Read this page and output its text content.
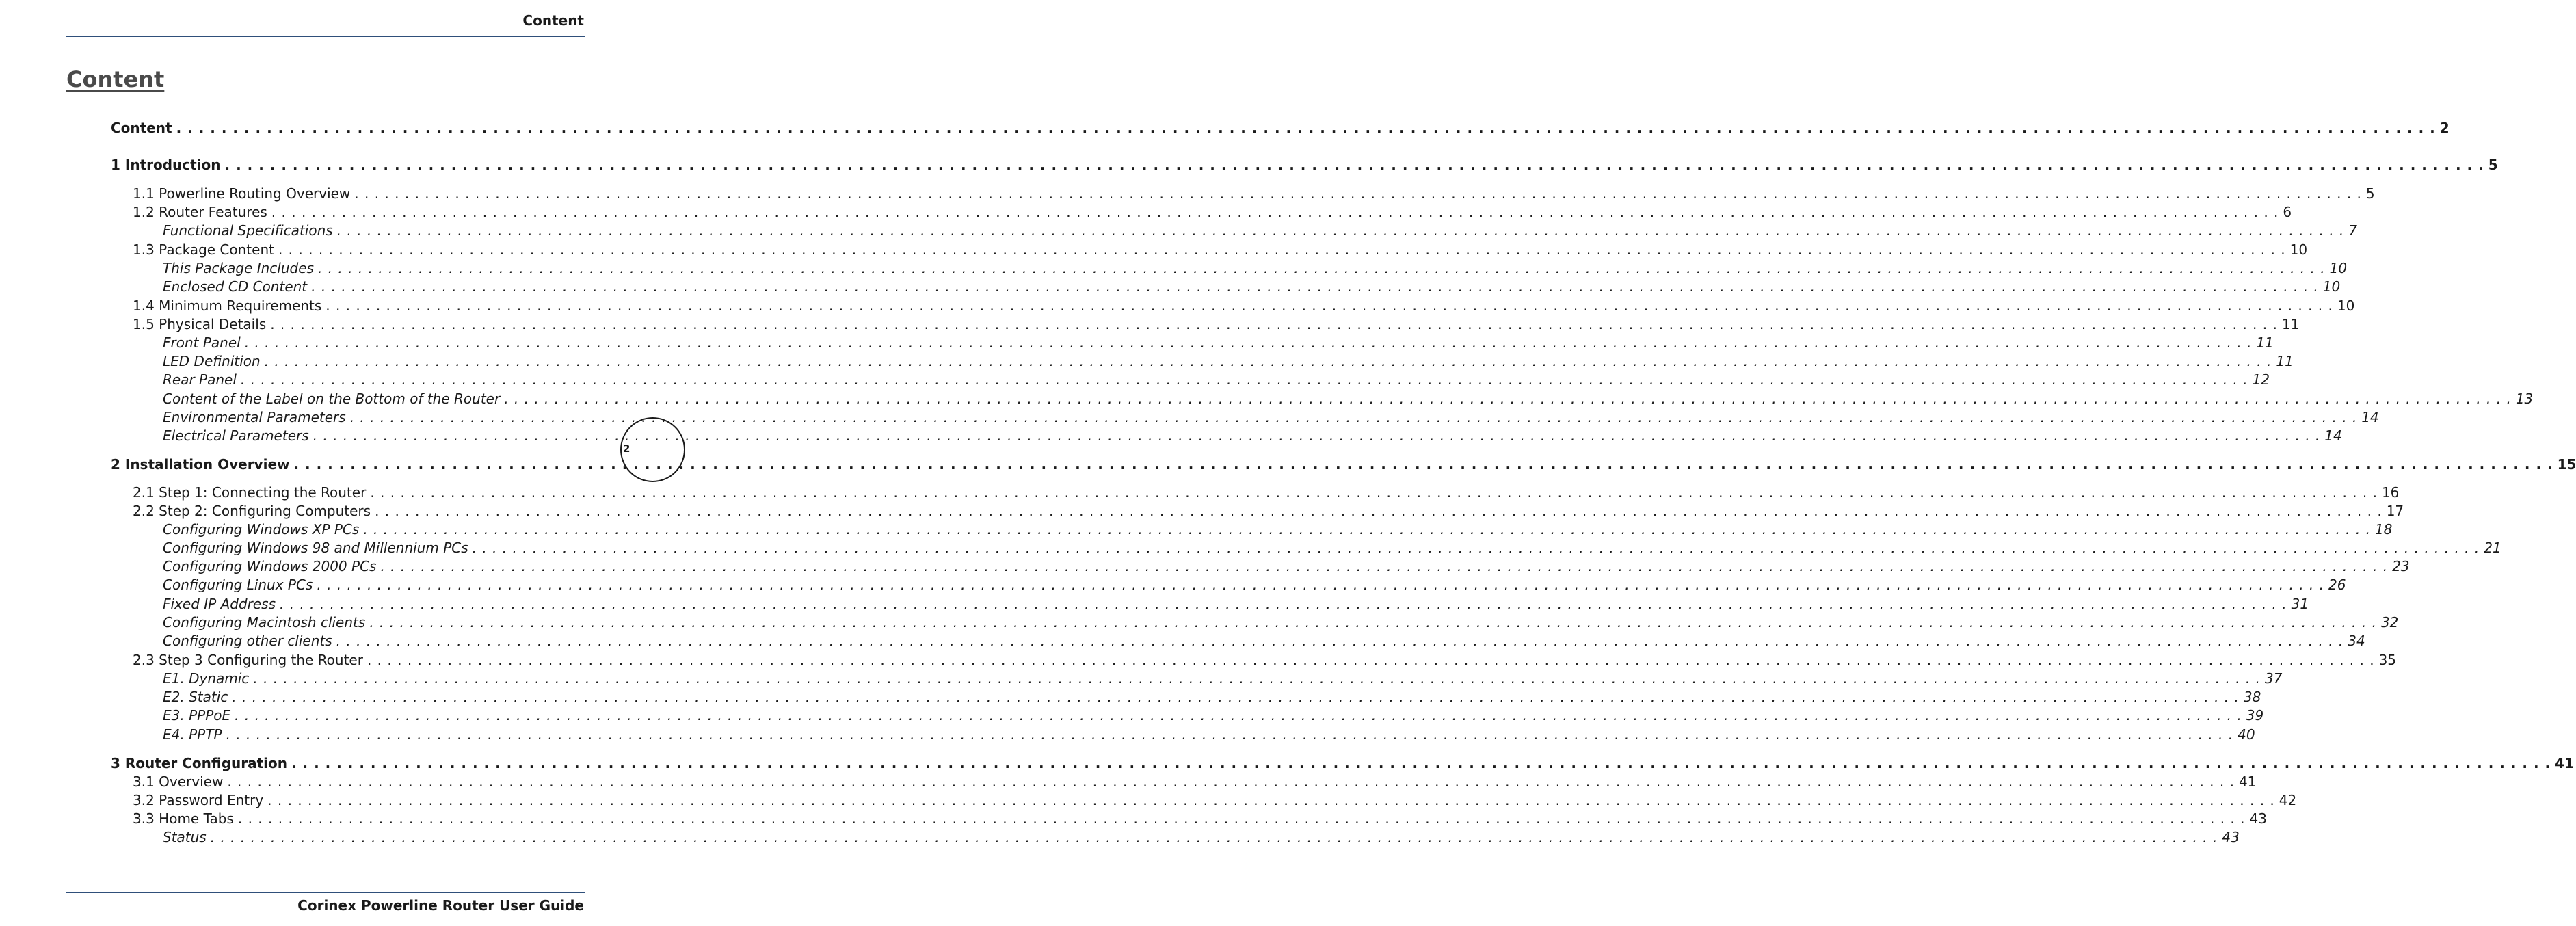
Content
Content
Content . . . . . . . . . . . . . . . . . . . . . . . . . . . . . . . . . . . . . . . . . . . . . . . . . . . . . . . . . . . . . . . . . . . . . . . . . . . . . . . . . . . . . . . . . . . . . . . . . . . . . . . . . . . . . . . . . . . . . . . . . . . . . . . . . . . . . . . . . . . . . . . . . . . . . . . . . . . . . . . . . . . . . . . . . . . . . . . . . . . . . . . . . . . . . . . . . . . . . . . . 2
1 Introduction . . . . . . . . . . . . . . . . . . . . . . . . . . . . . . . . . . . . . . . . . . . . . . . . . . . . . . . . . . . . . . . . . . . . . . . . . . . . . . . . . . . . . . . . . . . . . . . . . . . . . . . . . . . . . . . . . . . . . . . . . . . . . . . . . . . . . . . . . . . . . . . . . . . . . . . . . . . . . . . . . . . . . . . . . . . . . . . . . . . . . . . . . . . . . . . . . . . . . . . . 5
1.1 Powerline Routing Overview . . . . . . . . . . . . . . . . . . . . . . . . . . . . . . . . . . . . . . . . . . . . . . . . . . . . . . . . . . . . . . . . . . . . . . . . . . . . . . . . . . . . . . . . . . . . . . . . . . . . . . . . . . . . . . . . . . . . . . . . . . . . . . . . . . . . . . . . . . . . . . . . . . . . . . . . . . . . . . . . . . . . . . . . . . . . . . . . . . . . . . . . . . . . . . . . . . . . . . . . 5
1.2 Router Features . . . . . . . . . . . . . . . . . . . . . . . . . . . . . . . . . . . . . . . . . . . . . . . . . . . . . . . . . . . . . . . . . . . . . . . . . . . . . . . . . . . . . . . . . . . . . . . . . . . . . . . . . . . . . . . . . . . . . . . . . . . . . . . . . . . . . . . . . . . . . . . . . . . . . . . . . . . . . . . . . . . . . . . . . . . . . . . . . . . . . . . . . . . . . . . . . . . . . . . . 6
Functional Specifications . . . . . . . . . . . . . . . . . . . . . . . . . . . . . . . . . . . . . . . . . . . . . . . . . . . . . . . . . . . . . . . . . . . . . . . . . . . . . . . . . . . . . . . . . . . . . . . . . . . . . . . . . . . . . . . . . . . . . . . . . . . . . . . . . . . . . . . . . . . . . . . . . . . . . . . . . . . . . . . . . . . . . . . . . . . . . . . . . . . . . . . . . . . . . . . . . . . . . . . . 7
1.3 Package Content . . . . . . . . . . . . . . . . . . . . . . . . . . . . . . . . . . . . . . . . . . . . . . . . . . . . . . . . . . . . . . . . . . . . . . . . . . . . . . . . . . . . . . . . . . . . . . . . . . . . . . . . . . . . . . . . . . . . . . . . . . . . . . . . . . . . . . . . . . . . . . . . . . . . . . . . . . . . . . . . . . . . . . . . . . . . . . . . . . . . . . . . . . . . . . . . . . . . . . . . 10
This Package Includes . . . . . . . . . . . . . . . . . . . . . . . . . . . . . . . . . . . . . . . . . . . . . . . . . . . . . . . . . . . . . . . . . . . . . . . . . . . . . . . . . . . . . . . . . . . . . . . . . . . . . . . . . . . . . . . . . . . . . . . . . . . . . . . . . . . . . . . . . . . . . . . . . . . . . . . . . . . . . . . . . . . . . . . . . . . . . . . . . . . . . . . . . . . . . . . . . . . . . . . . 10
Enclosed CD Content . . . . . . . . . . . . . . . . . . . . . . . . . . . . . . . . . . . . . . . . . . . . . . . . . . . . . . . . . . . . . . . . . . . . . . . . . . . . . . . . . . . . . . . . . . . . . . . . . . . . . . . . . . . . . . . . . . . . . . . . . . . . . . . . . . . . . . . . . . . . . . . . . . . . . . . . . . . . . . . . . . . . . . . . . . . . . . . . . . . . . . . . . . . . . . . . . . . . . . . . 10
1.4 Minimum Requirements . . . . . . . . . . . . . . . . . . . . . . . . . . . . . . . . . . . . . . . . . . . . . . . . . . . . . . . . . . . . . . . . . . . . . . . . . . . . . . . . . . . . . . . . . . . . . . . . . . . . . . . . . . . . . . . . . . . . . . . . . . . . . . . . . . . . . . . . . . . . . . . . . . . . . . . . . . . . . . . . . . . . . . . . . . . . . . . . . . . . . . . . . . . . . . . . . . . . . . . . 10
1.5 Physical Details . . . . . . . . . . . . . . . . . . . . . . . . . . . . . . . . . . . . . . . . . . . . . . . . . . . . . . . . . . . . . . . . . . . . . . . . . . . . . . . . . . . . . . . . . . . . . . . . . . . . . . . . . . . . . . . . . . . . . . . . . . . . . . . . . . . . . . . . . . . . . . . . . . . . . . . . . . . . . . . . . . . . . . . . . . . . . . . . . . . . . . . . . . . . . . . . . . . . . . . . 11
Front Panel . . . . . . . . . . . . . . . . . . . . . . . . . . . . . . . . . . . . . . . . . . . . . . . . . . . . . . . . . . . . . . . . . . . . . . . . . . . . . . . . . . . . . . . . . . . . . . . . . . . . . . . . . . . . . . . . . . . . . . . . . . . . . . . . . . . . . . . . . . . . . . . . . . . . . . . . . . . . . . . . . . . . . . . . . . . . . . . . . . . . . . . . . . . . . . . . . . . . . . . . 11
LED Definition . . . . . . . . . . . . . . . . . . . . . . . . . . . . . . . . . . . . . . . . . . . . . . . . . . . . . . . . . . . . . . . . . . . . . . . . . . . . . . . . . . . . . . . . . . . . . . . . . . . . . . . . . . . . . . . . . . . . . . . . . . . . . . . . . . . . . . . . . . . . . . . . . . . . . . . . . . . . . . . . . . . . . . . . . . . . . . . . . . . . . . . . . . . . . . . . . . . . . . . . 11
Rear Panel . . . . . . . . . . . . . . . . . . . . . . . . . . . . . . . . . . . . . . . . . . . . . . . . . . . . . . . . . . . . . . . . . . . . . . . . . . . . . . . . . . . . . . . . . . . . . . . . . . . . . . . . . . . . . . . . . . . . . . . . . . . . . . . . . . . . . . . . . . . . . . . . . . . . . . . . . . . . . . . . . . . . . . . . . . . . . . . . . . . . . . . . . . . . . . . . . . . . . . . . 12
Content of the Label on the Bottom of the Router . . . . . . . . . . . . . . . . . . . . . . . . . . . . . . . . . . . . . . . . . . . . . . . . . . . . . . . . . . . . . . . . . . . . . . . . . . . . . . . . . . . . . . . . . . . . . . . . . . . . . . . . . . . . . . . . . . . . . . . . . . . . . . . . . . . . . . . . . . . . . . . . . . . . . . . . . . . . . . . . . . . . . . . . . . . . . . . . . . . . . . . . . . . . . . . . . . . . . . . . 13
Environmental Parameters . . . . . . . . . . . . . . . . . . . . . . . . . . . . . . . . . . . . . . . . . . . . . . . . . . . . . . . . . . . . . . . . . . . . . . . . . . . . . . . . . . . . . . . . . . . . . . . . . . . . . . . . . . . . . . . . . . . . . . . . . . . . . . . . . . . . . . . . . . . . . . . . . . . . . . . . . . . . . . . . . . . . . . . . . . . . . . . . . . . . . . . . . . . . . . . . . . . . . . . . 14
Electrical Parameters . . . . . . . . . . . . . . . . . . . . . . . . . . . . . . . . . . . . . . . . . . . . . . . . . . . . . . . . . . . . . . . . . . . . . . . . . . . . . . . . . . . . . . . . . . . . . . . . . . . . . . . . . . . . . . . . . . . . . . . . . . . . . . . . . . . . . . . . . . . . . . . . . . . . . . . . . . . . . . . . . . . . . . . . . . . . . . . . . . . . . . . . . . . . . . . . . . . . . . . . 14
2 Installation Overview . . . . . . . . . . . . . . . . . . . . . . . . . . . . . . . . . . . . . . . . . . . . . . . . . . . . . . . . . . . . . . . . . . . . . . . . . . . . . . . . . . . . . . . . . . . . . . . . . . . . . . . . . . . . . . . . . . . . . . . . . . . . . . . . . . . . . . . . . . . . . . . . . . . . . . . . . . . . . . . . . . . . . . . . . . . . . . . . . . . . . . . . . . . . . . . . . . . . . . . . 15
2.1 Step 1: Connecting the Router . . . . . . . . . . . . . . . . . . . . . . . . . . . . . . . . . . . . . . . . . . . . . . . . . . . . . . . . . . . . . . . . . . . . . . . . . . . . . . . . . . . . . . . . . . . . . . . . . . . . . . . . . . . . . . . . . . . . . . . . . . . . . . . . . . . . . . . . . . . . . . . . . . . . . . . . . . . . . . . . . . . . . . . . . . . . . . . . . . . . . . . . . . . . . . . . . . . . . . . . 16
2.2 Step 2: Configuring Computers . . . . . . . . . . . . . . . . . . . . . . . . . . . . . . . . . . . . . . . . . . . . . . . . . . . . . . . . . . . . . . . . . . . . . . . . . . . . . . . . . . . . . . . . . . . . . . . . . . . . . . . . . . . . . . . . . . . . . . . . . . . . . . . . . . . . . . . . . . . . . . . . . . . . . . . . . . . . . . . . . . . . . . . . . . . . . . . . . . . . . . . . . . . . . . . . . . . . . . . . 17
Configuring Windows XP PCs . . . . . . . . . . . . . . . . . . . . . . . . . . . . . . . . . . . . . . . . . . . . . . . . . . . . . . . . . . . . . . . . . . . . . . . . . . . . . . . . . . . . . . . . . . . . . . . . . . . . . . . . . . . . . . . . . . . . . . . . . . . . . . . . . . . . . . . . . . . . . . . . . . . . . . . . . . . . . . . . . . . . . . . . . . . . . . . . . . . . . . . . . . . . . . . . . . . . . . . . 18
Configuring Windows 98 and Millennium PCs . . . . . . . . . . . . . . . . . . . . . . . . . . . . . . . . . . . . . . . . . . . . . . . . . . . . . . . . . . . . . . . . . . . . . . . . . . . . . . . . . . . . . . . . . . . . . . . . . . . . . . . . . . . . . . . . . . . . . . . . . . . . . . . . . . . . . . . . . . . . . . . . . . . . . . . . . . . . . . . . . . . . . . . . . . . . . . . . . . . . . . . . . . . . . . . . . . . . . . . . 21
Configuring Windows 2000 PCs . . . . . . . . . . . . . . . . . . . . . . . . . . . . . . . . . . . . . . . . . . . . . . . . . . . . . . . . . . . . . . . . . . . . . . . . . . . . . . . . . . . . . . . . . . . . . . . . . . . . . . . . . . . . . . . . . . . . . . . . . . . . . . . . . . . . . . . . . . . . . . . . . . . . . . . . . . . . . . . . . . . . . . . . . . . . . . . . . . . . . . . . . . . . . . . . . . . . . . . . 23
Configuring Linux PCs . . . . . . . . . . . . . . . . . . . . . . . . . . . . . . . . . . . . . . . . . . . . . . . . . . . . . . . . . . . . . . . . . . . . . . . . . . . . . . . . . . . . . . . . . . . . . . . . . . . . . . . . . . . . . . . . . . . . . . . . . . . . . . . . . . . . . . . . . . . . . . . . . . . . . . . . . . . . . . . . . . . . . . . . . . . . . . . . . . . . . . . . . . . . . . . . . . . . . . . . 26
Fixed IP Address . . . . . . . . . . . . . . . . . . . . . . . . . . . . . . . . . . . . . . . . . . . . . . . . . . . . . . . . . . . . . . . . . . . . . . . . . . . . . . . . . . . . . . . . . . . . . . . . . . . . . . . . . . . . . . . . . . . . . . . . . . . . . . . . . . . . . . . . . . . . . . . . . . . . . . . . . . . . . . . . . . . . . . . . . . . . . . . . . . . . . . . . . . . . . . . . . . . . . . . . 31
Configuring Macintosh clients . . . . . . . . . . . . . . . . . . . . . . . . . . . . . . . . . . . . . . . . . . . . . . . . . . . . . . . . . . . . . . . . . . . . . . . . . . . . . . . . . . . . . . . . . . . . . . . . . . . . . . . . . . . . . . . . . . . . . . . . . . . . . . . . . . . . . . . . . . . . . . . . . . . . . . . . . . . . . . . . . . . . . . . . . . . . . . . . . . . . . . . . . . . . . . . . . . . . . . . . 32
Configuring other clients . . . . . . . . . . . . . . . . . . . . . . . . . . . . . . . . . . . . . . . . . . . . . . . . . . . . . . . . . . . . . . . . . . . . . . . . . . . . . . . . . . . . . . . . . . . . . . . . . . . . . . . . . . . . . . . . . . . . . . . . . . . . . . . . . . . . . . . . . . . . . . . . . . . . . . . . . . . . . . . . . . . . . . . . . . . . . . . . . . . . . . . . . . . . . . . . . . . . . . . . 34
2.3 Step 3 Configuring the Router . . . . . . . . . . . . . . . . . . . . . . . . . . . . . . . . . . . . . . . . . . . . . . . . . . . . . . . . . . . . . . . . . . . . . . . . . . . . . . . . . . . . . . . . . . . . . . . . . . . . . . . . . . . . . . . . . . . . . . . . . . . . . . . . . . . . . . . . . . . . . . . . . . . . . . . . . . . . . . . . . . . . . . . . . . . . . . . . . . . . . . . . . . . . . . . . . . . . . . . . 35
E1. Dynamic . . . . . . . . . . . . . . . . . . . . . . . . . . . . . . . . . . . . . . . . . . . . . . . . . . . . . . . . . . . . . . . . . . . . . . . . . . . . . . . . . . . . . . . . . . . . . . . . . . . . . . . . . . . . . . . . . . . . . . . . . . . . . . . . . . . . . . . . . . . . . . . . . . . . . . . . . . . . . . . . . . . . . . . . . . . . . . . . . . . . . . . . . . . . . . . . . . . . . . . . 37
E2. Static . . . . . . . . . . . . . . . . . . . . . . . . . . . . . . . . . . . . . . . . . . . . . . . . . . . . . . . . . . . . . . . . . . . . . . . . . . . . . . . . . . . . . . . . . . . . . . . . . . . . . . . . . . . . . . . . . . . . . . . . . . . . . . . . . . . . . . . . . . . . . . . . . . . . . . . . . . . . . . . . . . . . . . . . . . . . . . . . . . . . . . . . . . . . . . . . . . . . . . . . 38
E3. PPPoE . . . . . . . . . . . . . . . . . . . . . . . . . . . . . . . . . . . . . . . . . . . . . . . . . . . . . . . . . . . . . . . . . . . . . . . . . . . . . . . . . . . . . . . . . . . . . . . . . . . . . . . . . . . . . . . . . . . . . . . . . . . . . . . . . . . . . . . . . . . . . . . . . . . . . . . . . . . . . . . . . . . . . . . . . . . . . . . . . . . . . . . . . . . . . . . . . . . . . . . . 39
E4. PPTP . . . . . . . . . . . . . . . . . . . . . . . . . . . . . . . . . . . . . . . . . . . . . . . . . . . . . . . . . . . . . . . . . . . . . . . . . . . . . . . . . . . . . . . . . . . . . . . . . . . . . . . . . . . . . . . . . . . . . . . . . . . . . . . . . . . . . . . . . . . . . . . . . . . . . . . . . . . . . . . . . . . . . . . . . . . . . . . . . . . . . . . . . . . . . . . . . . . . . . . . 40
3 Router Configuration . . . . . . . . . . . . . . . . . . . . . . . . . . . . . . . . . . . . . . . . . . . . . . . . . . . . . . . . . . . . . . . . . . . . . . . . . . . . . . . . . . . . . . . . . . . . . . . . . . . . . . . . . . . . . . . . . . . . . . . . . . . . . . . . . . . . . . . . . . . . . . . . . . . . . . . . . . . . . . . . . . . . . . . . . . . . . . . . . . . . . . . . . . . . . . . . . . . . . . . . 41
3.1 Overview . . . . . . . . . . . . . . . . . . . . . . . . . . . . . . . . . . . . . . . . . . . . . . . . . . . . . . . . . . . . . . . . . . . . . . . . . . . . . . . . . . . . . . . . . . . . . . . . . . . . . . . . . . . . . . . . . . . . . . . . . . . . . . . . . . . . . . . . . . . . . . . . . . . . . . . . . . . . . . . . . . . . . . . . . . . . . . . . . . . . . . . . . . . . . . . . . . . . . . . . 41
3.2 Password Entry . . . . . . . . . . . . . . . . . . . . . . . . . . . . . . . . . . . . . . . . . . . . . . . . . . . . . . . . . . . . . . . . . . . . . . . . . . . . . . . . . . . . . . . . . . . . . . . . . . . . . . . . . . . . . . . . . . . . . . . . . . . . . . . . . . . . . . . . . . . . . . . . . . . . . . . . . . . . . . . . . . . . . . . . . . . . . . . . . . . . . . . . . . . . . . . . . . . . . . . . 42
3.3 Home Tabs . . . . . . . . . . . . . . . . . . . . . . . . . . . . . . . . . . . . . . . . . . . . . . . . . . . . . . . . . . . . . . . . . . . . . . . . . . . . . . . . . . . . . . . . . . . . . . . . . . . . . . . . . . . . . . . . . . . . . . . . . . . . . . . . . . . . . . . . . . . . . . . . . . . . . . . . . . . . . . . . . . . . . . . . . . . . . . . . . . . . . . . . . . . . . . . . . . . . . . . . 43
Status . . . . . . . . . . . . . . . . . . . . . . . . . . . . . . . . . . . . . . . . . . . . . . . . . . . . . . . . . . . . . . . . . . . . . . . . . . . . . . . . . . . . . . . . . . . . . . . . . . . . . . . . . . . . . . . . . . . . . . . . . . . . . . . . . . . . . . . . . . . . . . . . . . . . . . . . . . . . . . . . . . . . . . . . . . . . . . . . . . . . . . . . . . . . . . . . . . . . . . . . 43
2
Corinex Powerline Router User Guide
